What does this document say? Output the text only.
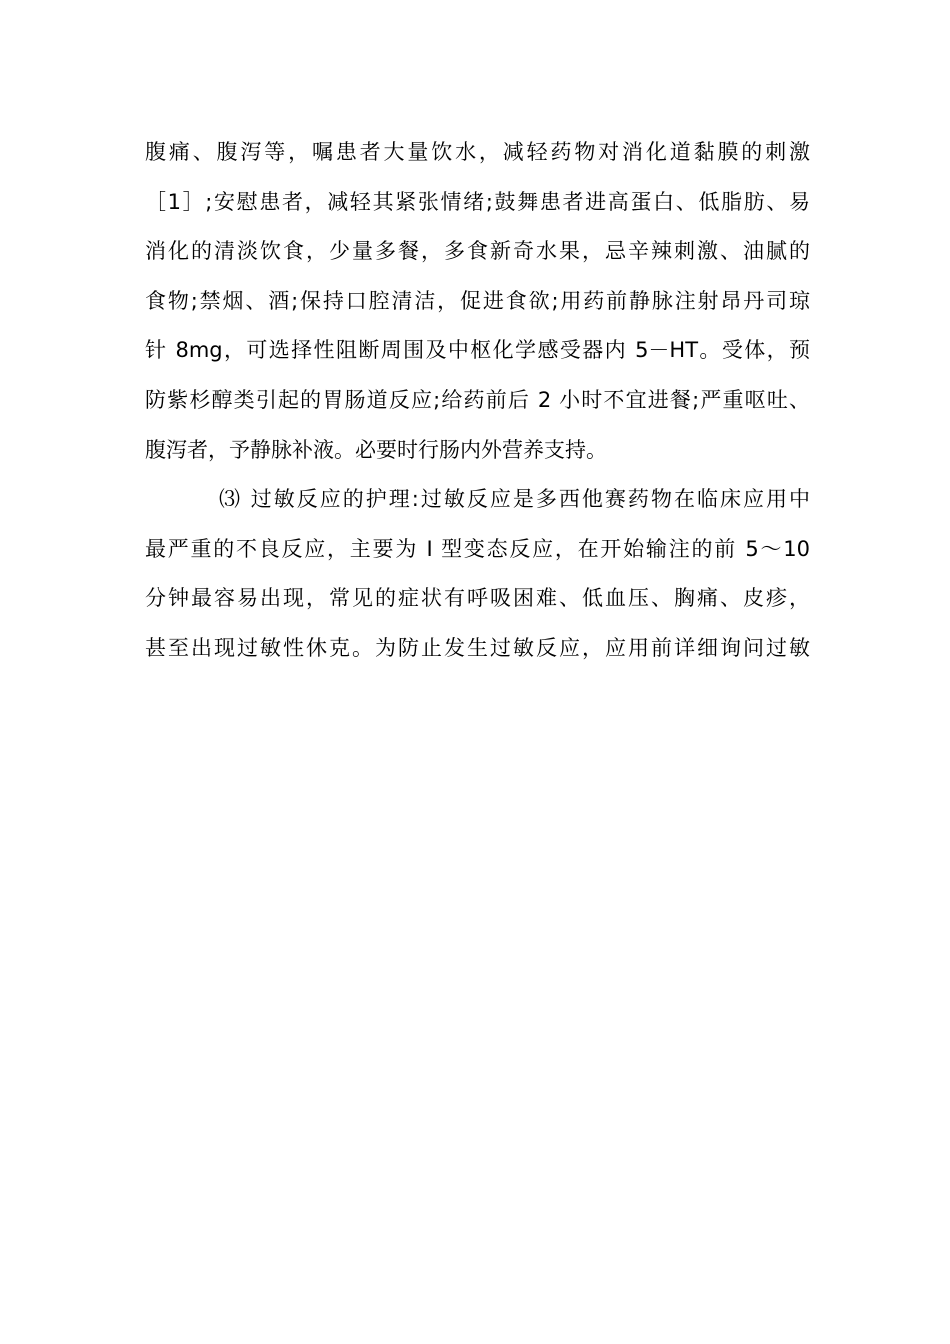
腹痛、腹泻等，嘱患者大量饮水，减轻药物对消化道黏膜的刺激
［1］;安慰患者，减轻其紧张情绪;鼓舞患者进高蛋白、低脂肪、易
消化的清淡饮食，少量多餐，多食新奇水果，忌辛辣刺激、油腻的
食物;禁烟、酒;保持口腔清洁，促进食欲;用药前静脉注射昂丹司琼
针 8mg，可选择性阻断周围及中枢化学感受器内 5－HT。受体，预
防紫杉醇类引起的胃肠道反应;给药前后 2 小时不宜进餐;严重呕吐、
腹泻者，予静脉补液。必要时行肠内外营养支持。
⑶ 过敏反应的护理:过敏反应是多西他赛药物在临床应用中
最严重的不良反应，主要为 I 型变态反应，在开始输注的前 5～10
分钟最容易出现，常见的症状有呼吸困难、低血压、胸痛、皮疹，
甚至出现过敏性休克。为防止发生过敏反应，应用前详细询问过敏
